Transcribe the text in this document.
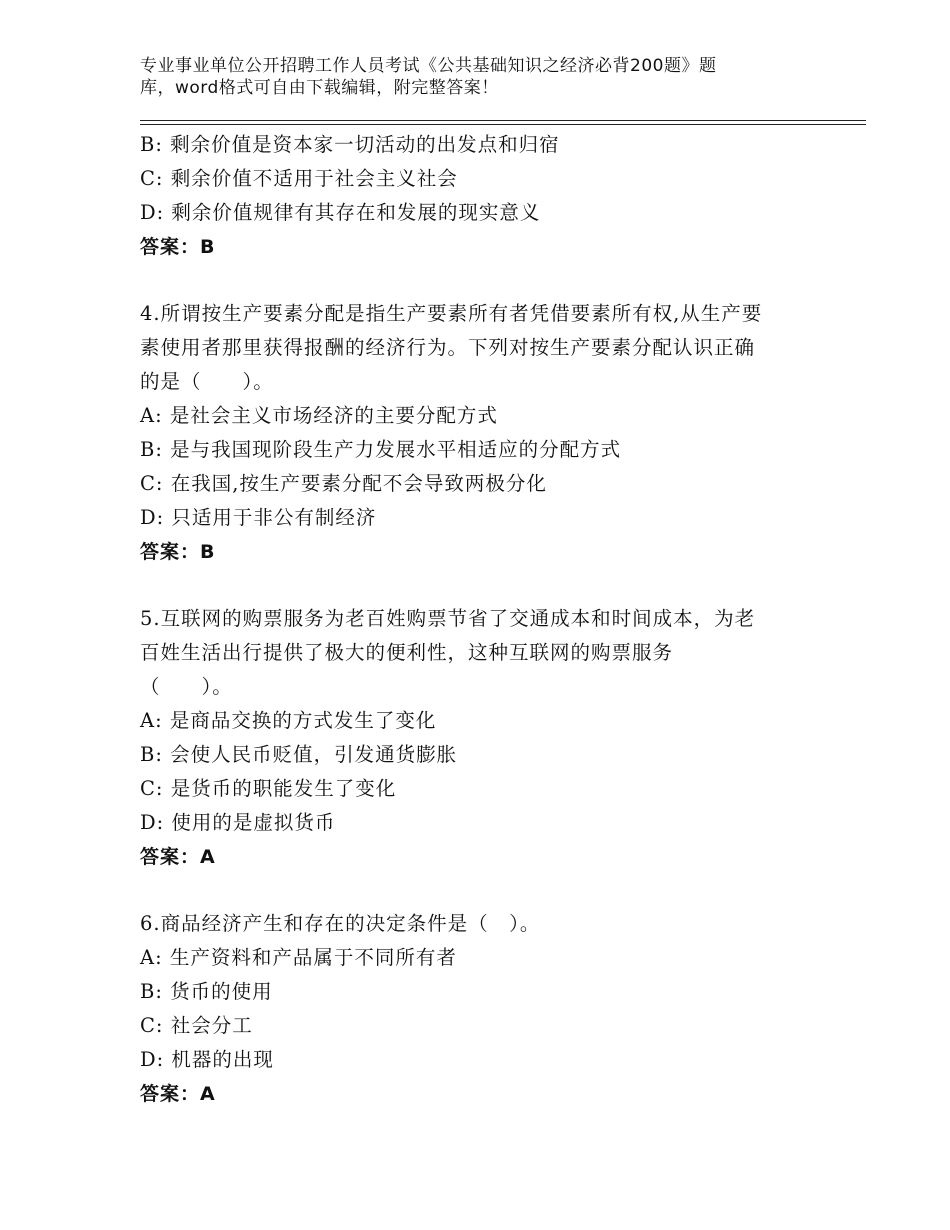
专业事业单位公开招聘工作人员考试《公共基础知识之经济必背200题》题
库，word格式可自由下载编辑，附完整答案！
B: 剩余价值是资本家一切活动的出发点和归宿
C: 剩余价值不适用于社会主义社会
D: 剩余价值规律有其存在和发展的现实意义
答案：B
4.所谓按生产要素分配是指生产要素所有者凭借要素所有权,从生产要
素使用者那里获得报酬的经济行为。下列对按生产要素分配认识正确
的是（　　）。
A: 是社会主义市场经济的主要分配方式
B: 是与我国现阶段生产力发展水平相适应的分配方式
C: 在我国,按生产要素分配不会导致两极分化
D: 只适用于非公有制经济
答案：B
5.互联网的购票服务为老百姓购票节省了交通成本和时间成本，为老
百姓生活出行提供了极大的便利性，这种互联网的购票服务
（　　）。
A: 是商品交换的方式发生了变化
B: 会使人民币贬值，引发通货膨胀
C: 是货币的职能发生了变化
D: 使用的是虚拟货币
答案：A
6.商品经济产生和存在的决定条件是（　）。
A: 生产资料和产品属于不同所有者
B: 货币的使用
C: 社会分工
D: 机器的出现
答案：A
